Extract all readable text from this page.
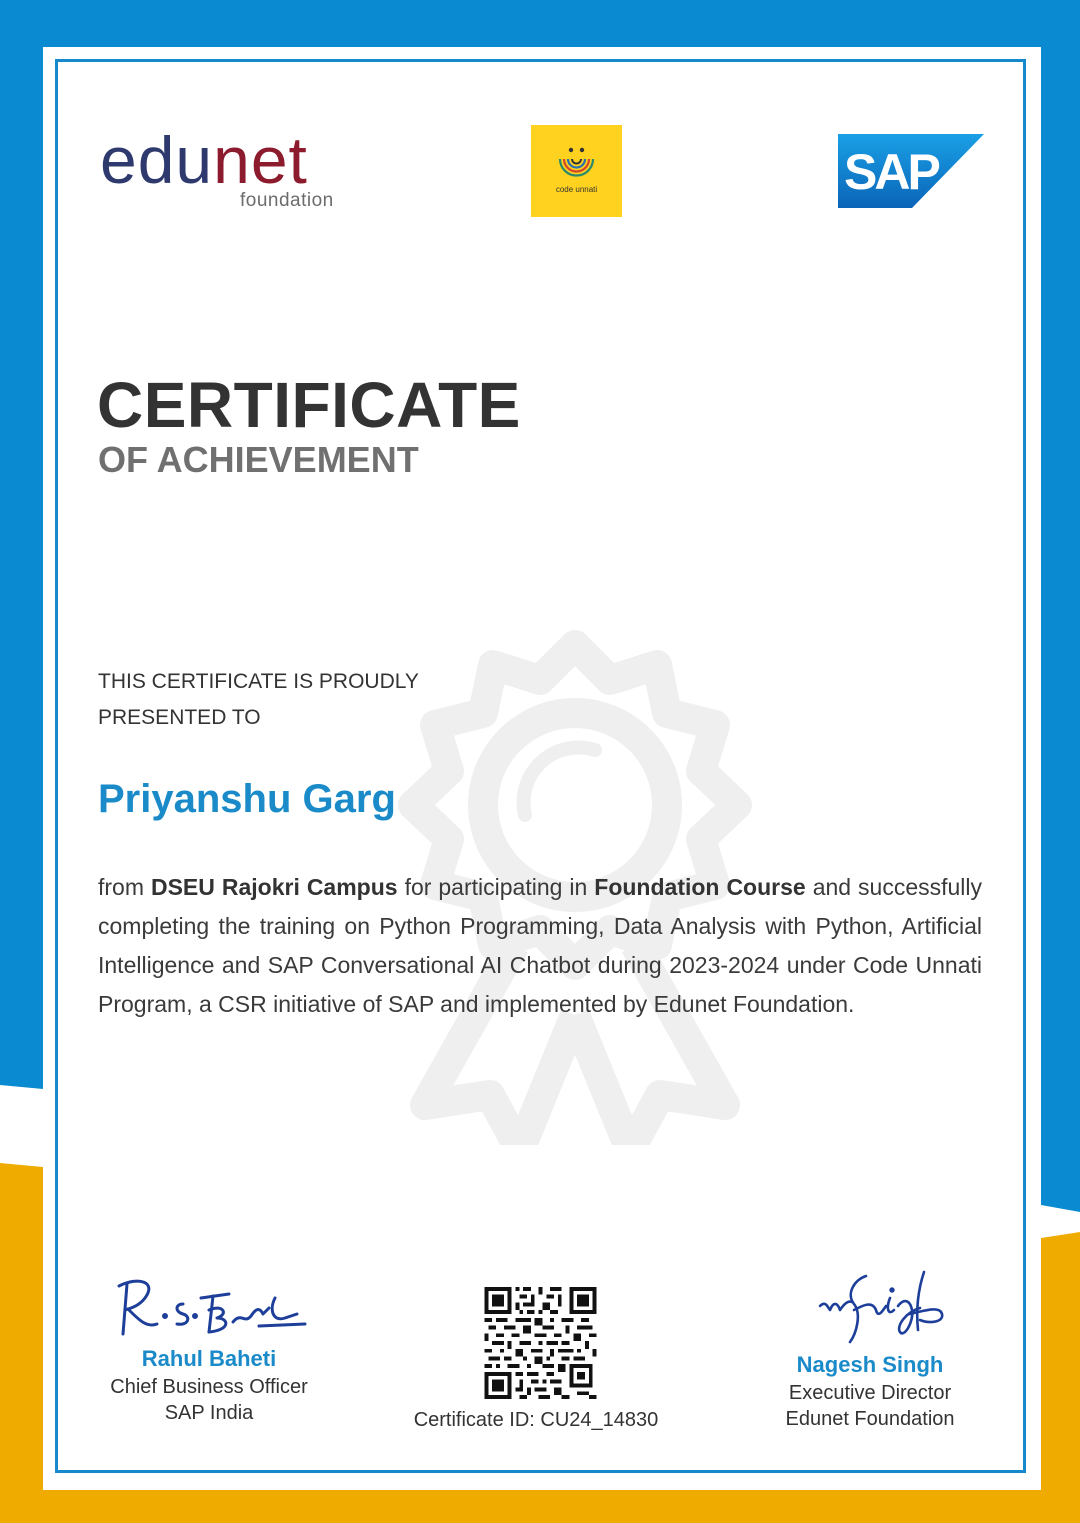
edunet
foundation
code unnati	SAP
CERTIFICATE
OF ACHIEVEMENT
THIS CERTIFICATE IS PROUDLY
PRESENTED TO
Priyanshu Garg
from DSEU Rajokri Campus for participating in Foundation Course and successfully completing the training on Python Programming, Data Analysis with Python, Artificial Intelligence and SAP Conversational AI Chatbot during 2023-2024 under Code Unnati Program, a CSR initiative of SAP and implemented by Edunet Foundation.
Rahul Baheti
Chief Business Officer
SAP India	Certificate ID: CU24_14830
Nagesh Singh
Executive Director
Edunet Foundation
